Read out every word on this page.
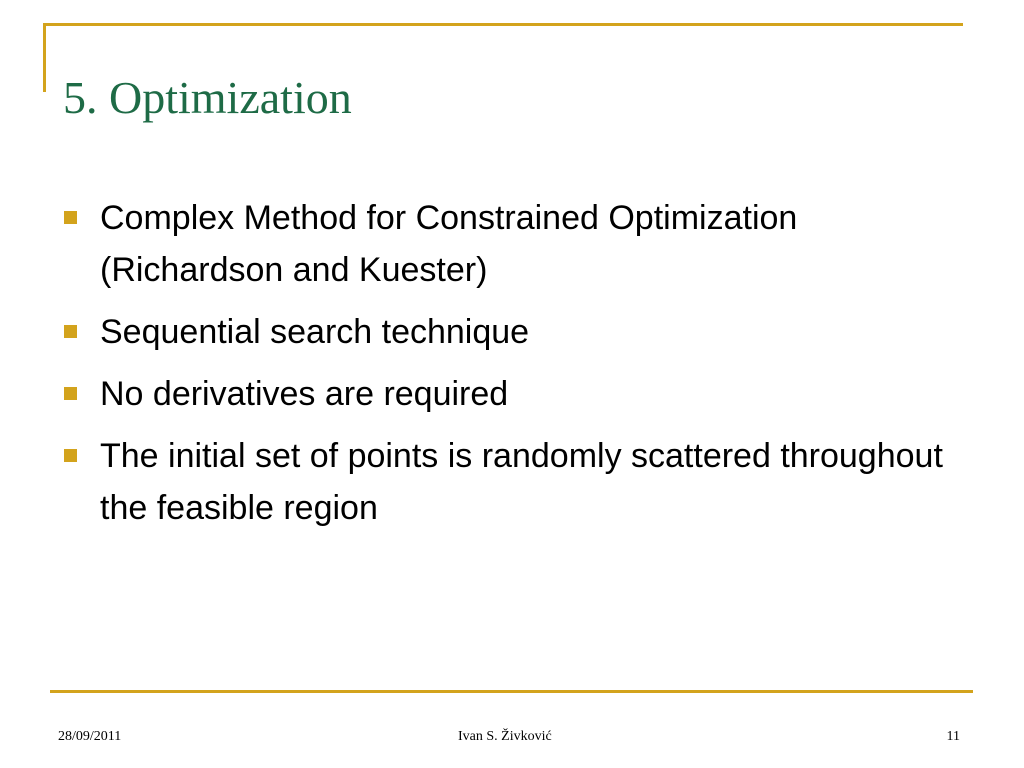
5. Optimization
Complex Method for Constrained Optimization (Richardson and Kuester)
Sequential search technique
No derivatives are required
The initial set of points is randomly scattered throughout the feasible region

28/09/2011	Ivan S. Živković	11
